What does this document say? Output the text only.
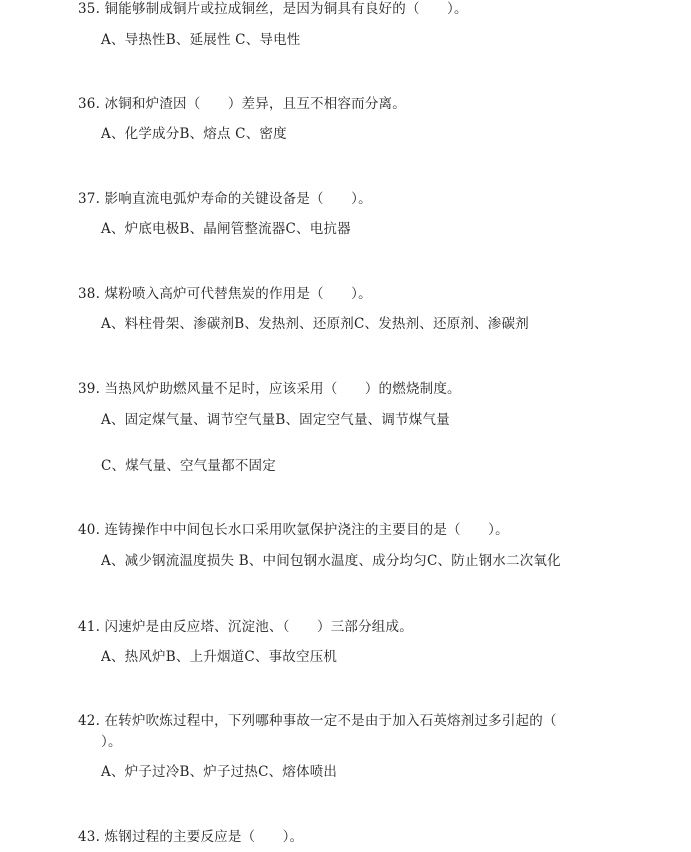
35. 铜能够制成铜片或拉成铜丝，是因为铜具有良好的（　　）。
A、导热性B、延展性 C、导电性
36. 冰铜和炉渣因（　　）差异，且互不相容而分离。
A、化学成分B、熔点 C、密度
37. 影响直流电弧炉寿命的关键设备是（　　）。
A、炉底电极B、晶闸管整流器C、电抗器
38. 煤粉喷入高炉可代替焦炭的作用是（　　）。
A、料柱骨架、渗碳剂B、发热剂、还原剂C、发热剂、还原剂、渗碳剂
39. 当热风炉助燃风量不足时，应该采用（　　）的燃烧制度。
A、固定煤气量、调节空气量B、固定空气量、调节煤气量
C、煤气量、空气量都不固定
40. 连铸操作中中间包长水口采用吹氩保护浇注的主要目的是（　　）。
A、减少钢流温度损失 B、中间包钢水温度、成分均匀C、防止钢水二次氧化
41. 闪速炉是由反应塔、沉淀池、（　　）三部分组成。
A、热风炉B、上升烟道C、事故空压机
42. 在转炉吹炼过程中，下列哪种事故一定不是由于加入石英熔剂过多引起的（
）。
A、炉子过冷B、炉子过热C、熔体喷出
43. 炼钢过程的主要反应是（　　）。
